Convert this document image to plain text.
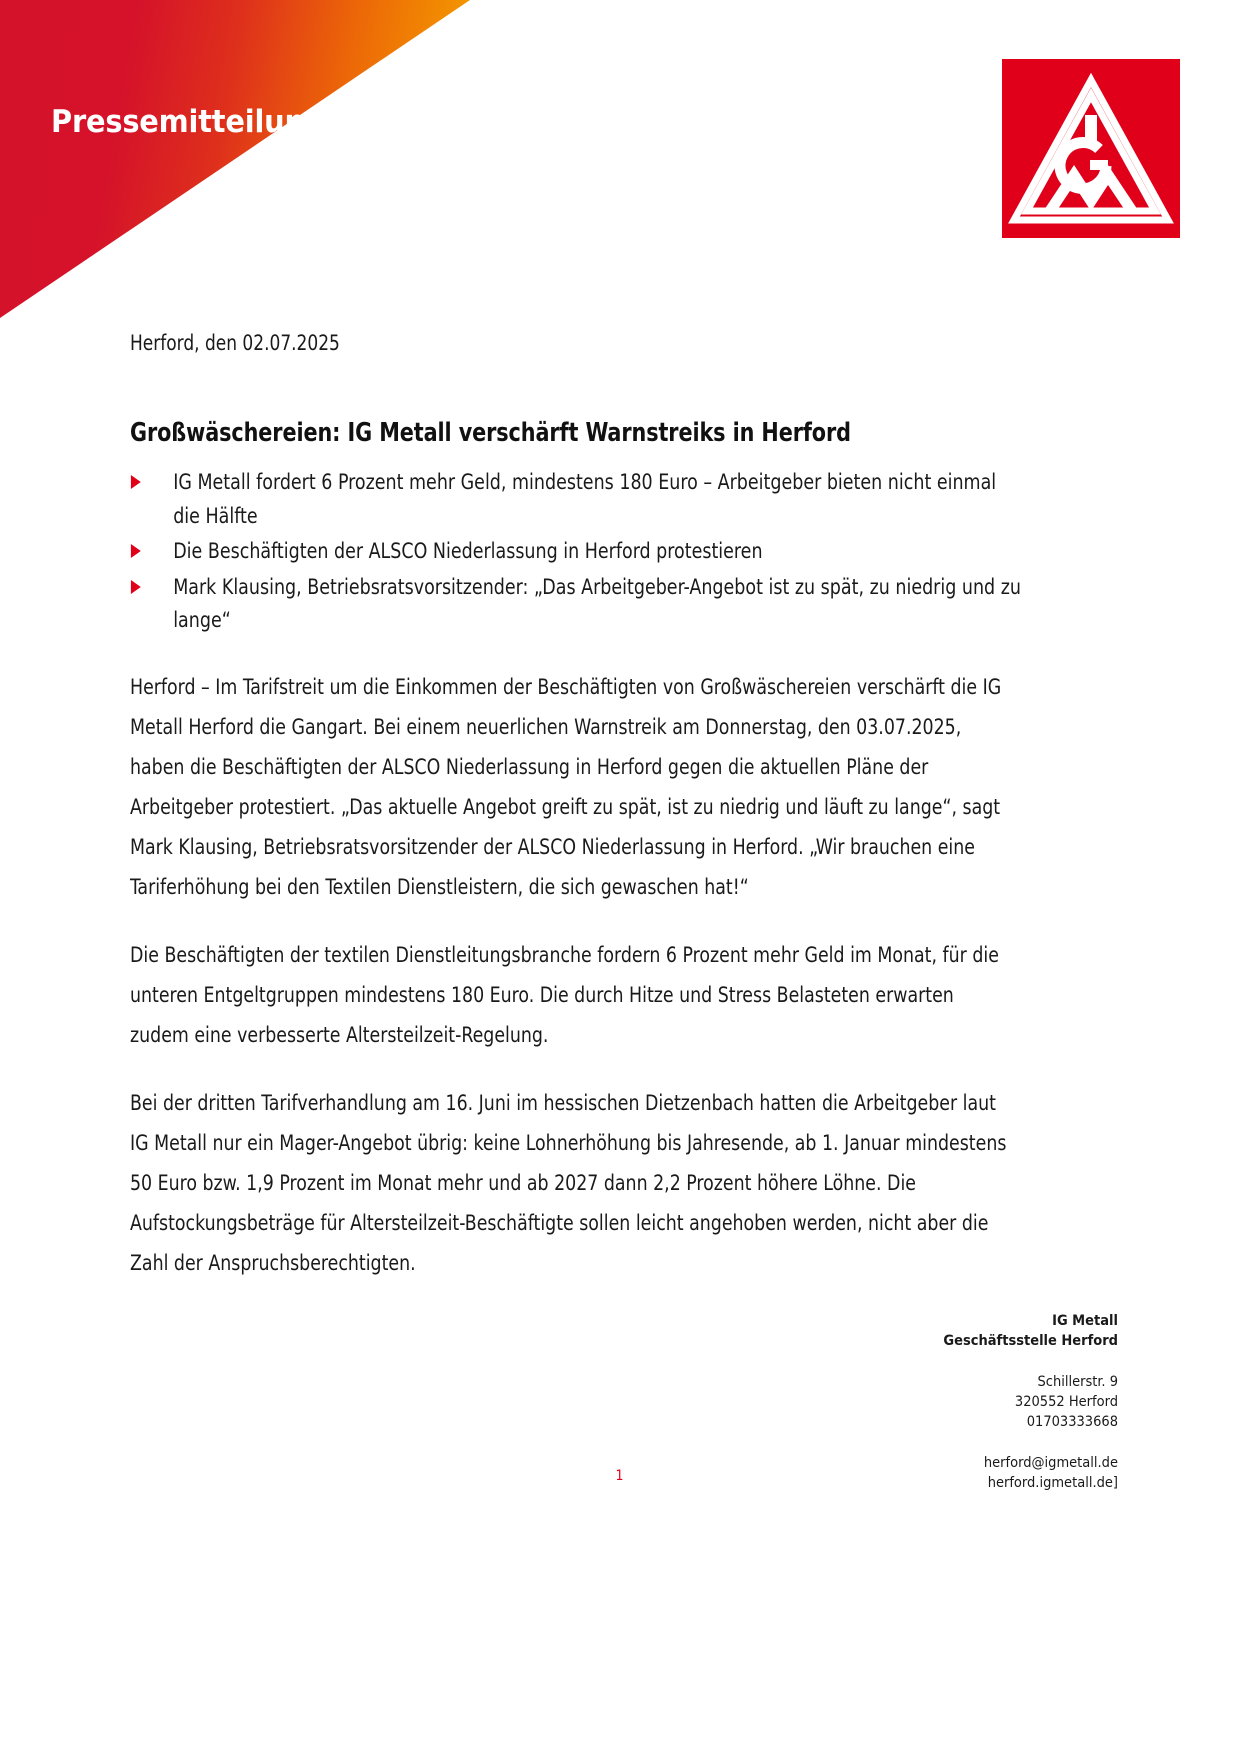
Pressemitteilung
Herford, den 02.07.2025
Großwäschereien: IG Metall verschärft Warnstreiks in Herford
IG Metall fordert 6 Prozent mehr Geld, mindestens 180 Euro – Arbeitgeber bieten nicht einmal die Hälfte
Die Beschäftigten der ALSCO Niederlassung in Herford protestieren
Mark Klausing, Betriebsratsvorsitzender: „Das Arbeitgeber-Angebot ist zu spät, zu niedrig und zu lange“

Herford – Im Tarifstreit um die Einkommen der Beschäftigten von Großwäschereien verschärft die IG Metall Herford die Gangart. Bei einem neuerlichen Warnstreik am Donnerstag, den 03.07.2025, haben die Beschäftigten der ALSCO Niederlassung in Herford gegen die aktuellen Pläne der Arbeitgeber protestiert. „Das aktuelle Angebot greift zu spät, ist zu niedrig und läuft zu lange“, sagt Mark Klausing, Betriebsratsvorsitzender der ALSCO Niederlassung in Herford. „Wir brauchen eine Tariferhöhung bei den Textilen Dienstleistern, die sich gewaschen hat!“

Die Beschäftigten der textilen Dienstleitungsbranche fordern 6 Prozent mehr Geld im Monat, für die unteren Entgeltgruppen mindestens 180 Euro. Die durch Hitze und Stress Belasteten erwarten zudem eine verbesserte Altersteilzeit-Regelung.

Bei der dritten Tarifverhandlung am 16. Juni im hessischen Dietzenbach hatten die Arbeitgeber laut IG Metall nur ein Mager-Angebot übrig: keine Lohnerhöhung bis Jahresende, ab 1. Januar mindestens 50 Euro bzw. 1,9 Prozent im Monat mehr und ab 2027 dann 2,2 Prozent höhere Löhne. Die Aufstockungsbeträge für Altersteilzeit-Beschäftigte sollen leicht angehoben werden, nicht aber die Zahl der Anspruchsberechtigten.

IG Metall
Geschäftsstelle Herford
Schillerstr. 9
320552 Herford
01703333668
herford@igmetall.de
herford.igmetall.de]
1
